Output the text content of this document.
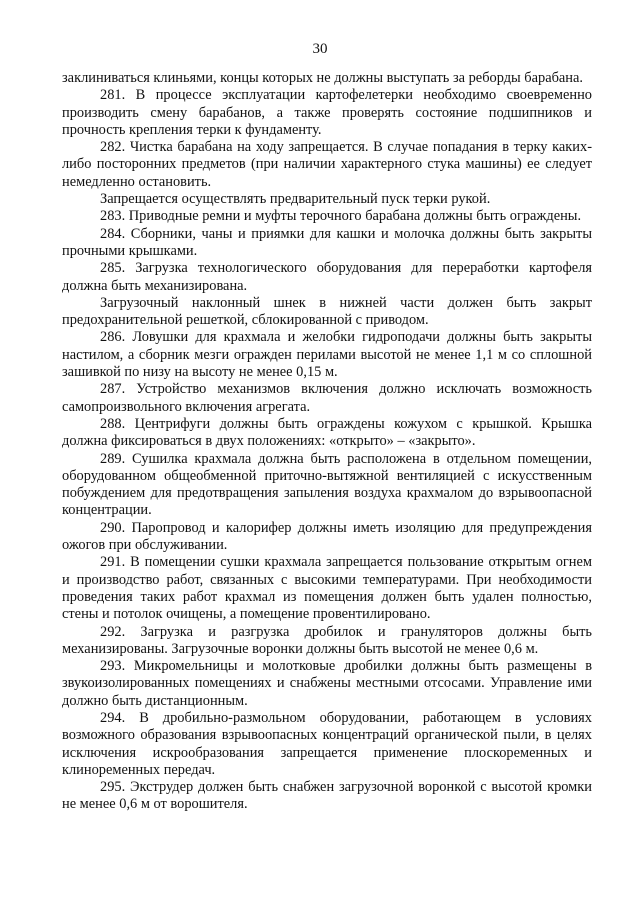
30

заклиниваться клиньями, концы которых не должны выступать за реборды барабана.

281. В процессе эксплуатации картофелетерки необходимо своевременно производить смену барабанов, а также проверять состояние подшипников и прочность крепления терки к фундаменту.

282. Чистка барабана на ходу запрещается. В случае попадания в терку каких-либо посторонних предметов (при наличии характерного стука машины) ее следует немедленно остановить.

Запрещается осуществлять предварительный пуск терки рукой.

283. Приводные ремни и муфты терочного барабана должны быть ограждены.

284. Сборники, чаны и приямки для кашки и молочка должны быть закрыты прочными крышками.

285. Загрузка технологического оборудования для переработки картофеля должна быть механизирована.

Загрузочный наклонный шнек в нижней части должен быть закрыт предохранительной решеткой, сблокированной с приводом.

286. Ловушки для крахмала и желобки гидроподачи должны быть закрыты настилом, а сборник мезги огражден перилами высотой не менее 1,1 м со сплошной зашивкой по низу на высоту не менее 0,15 м.

287. Устройство механизмов включения должно исключать возможность самопроизвольного включения агрегата.

288. Центрифуги должны быть ограждены кожухом с крышкой. Крышка должна фиксироваться в двух положениях: «открыто» – «закрыто».

289. Сушилка крахмала должна быть расположена в отдельном помещении, оборудованном общеобменной приточно-вытяжной вентиляцией с искусственным побуждением для предотвращения запыления воздуха крахмалом до взрывоопасной концентрации.

290. Паропровод и калорифер должны иметь изоляцию для предупреждения ожогов при обслуживании.

291. В помещении сушки крахмала запрещается пользование открытым огнем и производство работ, связанных с высокими температурами. При необходимости проведения таких работ крахмал из помещения должен быть удален полностью, стены и потолок очищены, а помещение провентилировано.

292. Загрузка и разгрузка дробилок и грануляторов должны быть механизированы. Загрузочные воронки должны быть высотой не менее 0,6 м.

293. Микромельницы и молотковые дробилки должны быть размещены в звукоизолированных помещениях и снабжены местными отсосами. Управление ими должно быть дистанционным.

294. В дробильно-размольном оборудовании, работающем в условиях возможного образования взрывоопасных концентраций органической пыли, в целях исключения искрообразования запрещается применение плоскоременных и клиноременных передач.

295. Экструдер должен быть снабжен загрузочной воронкой с высотой кромки не менее 0,6 м от ворошителя.
